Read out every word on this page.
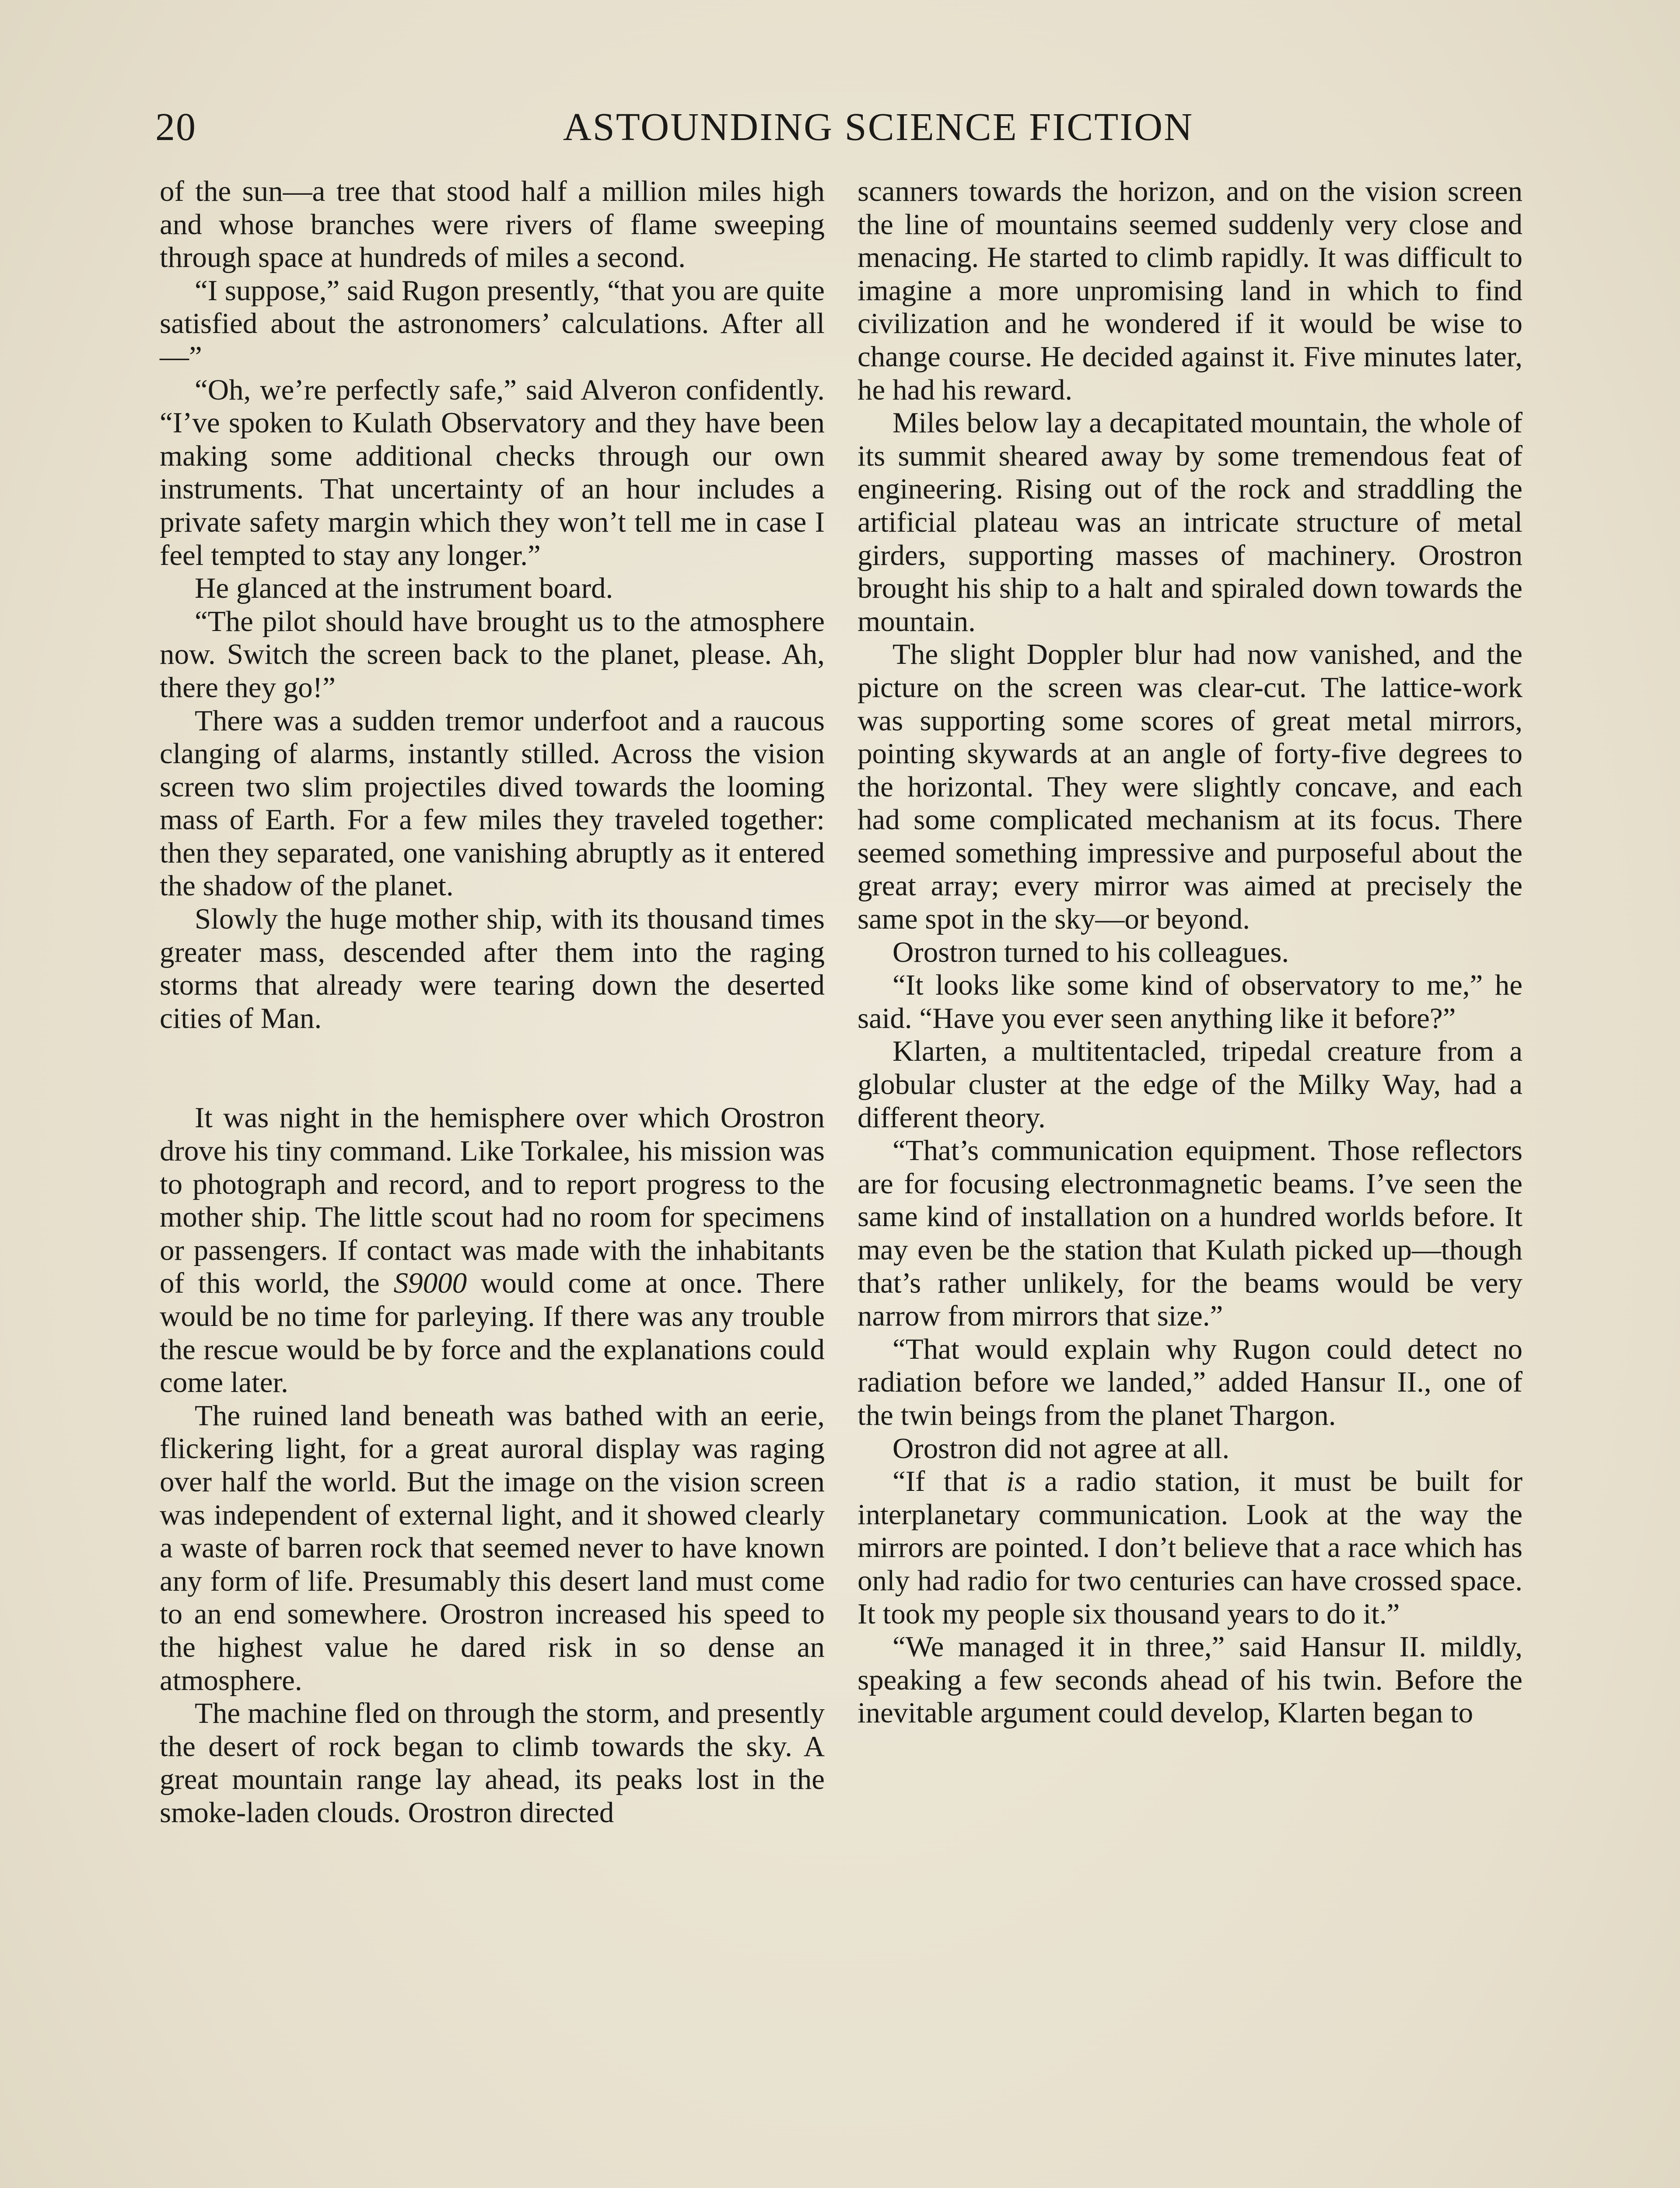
20	ASTOUNDING SCIENCE FICTION

of the sun—a tree that stood half a million miles high and whose branches were rivers of flame sweeping through space at hundreds of miles a second.

“I suppose,” said Rugon presently, “that you are quite satisfied about the astronomers’ calculations. After all—”

“Oh, we’re perfectly safe,” said Alveron confidently. “I’ve spoken to Kulath Observatory and they have been making some additional checks through our own instruments. That uncertainty of an hour includes a private safety margin which they won’t tell me in case I feel tempted to stay any longer.”

He glanced at the instrument board.

“The pilot should have brought us to the atmosphere now. Switch the screen back to the planet, please. Ah, there they go!”

There was a sudden tremor underfoot and a raucous clanging of alarms, instantly stilled. Across the vision screen two slim projectiles dived towards the looming mass of Earth. For a few miles they traveled together: then they separated, one vanishing abruptly as it entered the shadow of the planet.

Slowly the huge mother ship, with its thousand times greater mass, descended after them into the raging storms that already were tearing down the deserted cities of Man.

It was night in the hemisphere over which Orostron drove his tiny command. Like Torkalee, his mission was to photograph and record, and to report progress to the mother ship. The little scout had no room for specimens or passengers. If contact was made with the inhabitants of this world, the S9000 would come at once. There would be no time for parleying. If there was any trouble the rescue would be by force and the explanations could come later.

The ruined land beneath was bathed with an eerie, flickering light, for a great auroral display was raging over half the world. But the image on the vision screen was independent of external light, and it showed clearly a waste of barren rock that seemed never to have known any form of life. Presumably this desert land must come to an end somewhere. Orostron increased his speed to the highest value he dared risk in so dense an atmosphere.

The machine fled on through the storm, and presently the desert of rock began to climb towards the sky. A great mountain range lay ahead, its peaks lost in the smoke-laden clouds. Orostron directed

scanners towards the horizon, and on the vision screen the line of mountains seemed suddenly very close and menacing. He started to climb rapidly. It was difficult to imagine a more unpromising land in which to find civilization and he wondered if it would be wise to change course. He decided against it. Five minutes later, he had his reward.

Miles below lay a decapitated mountain, the whole of its summit sheared away by some tremendous feat of engineering. Rising out of the rock and straddling the artificial plateau was an intricate structure of metal girders, supporting masses of machinery. Orostron brought his ship to a halt and spiraled down towards the mountain.

The slight Doppler blur had now vanished, and the picture on the screen was clear-cut. The lattice-work was supporting some scores of great metal mirrors, pointing skywards at an angle of forty-five degrees to the horizontal. They were slightly concave, and each had some complicated mechanism at its focus. There seemed something impressive and purposeful about the great array; every mirror was aimed at precisely the same spot in the sky—or beyond.

Orostron turned to his colleagues.

“It looks like some kind of observatory to me,” he said. “Have you ever seen anything like it before?”

Klarten, a multitentacled, tripedal creature from a globular cluster at the edge of the Milky Way, had a different theory.

“That’s communication equipment. Those reflectors are for focusing electronmagnetic beams. I’ve seen the same kind of installation on a hundred worlds before. It may even be the station that Kulath picked up—though that’s rather unlikely, for the beams would be very narrow from mirrors that size.”

“That would explain why Rugon could detect no radiation before we landed,” added Hansur II., one of the twin beings from the planet Thargon.

Orostron did not agree at all.

“If that is a radio station, it must be built for interplanetary communication. Look at the way the mirrors are pointed. I don’t believe that a race which has only had radio for two centuries can have crossed space. It took my people six thousand years to do it.”

“We managed it in three,” said Hansur II. mildly, speaking a few seconds ahead of his twin. Before the inevitable argument could develop, Klarten began to
